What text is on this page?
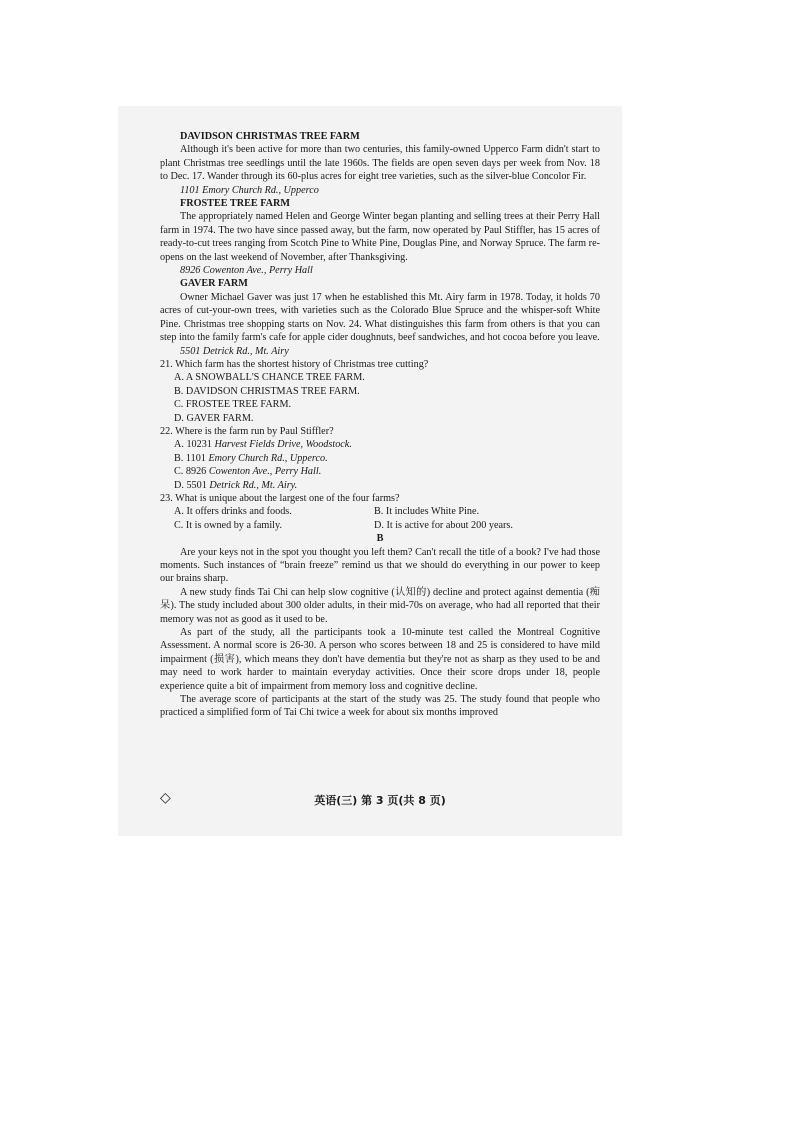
DAVIDSON CHRISTMAS TREE FARM
Although it's been active for more than two centuries, this family-owned Upperco Farm didn't start to plant Christmas tree seedlings until the late 1960s. The fields are open seven days per week from Nov. 18 to Dec. 17. Wander through its 60-plus acres for eight tree varieties, such as the silver-blue Concolor Fir.
1101 Emory Church Rd., Upperco
FROSTEE TREE FARM
The appropriately named Helen and George Winter began planting and selling trees at their Perry Hall farm in 1974. The two have since passed away, but the farm, now operated by Paul Stiffler, has 15 acres of ready-to-cut trees ranging from Scotch Pine to White Pine, Douglas Pine, and Norway Spruce. The farm re-opens on the last weekend of November, after Thanksgiving.
8926 Cowenton Ave., Perry Hall
GAVER FARM
Owner Michael Gaver was just 17 when he established this Mt. Airy farm in 1978. Today, it holds 70 acres of cut-your-own trees, with varieties such as the Colorado Blue Spruce and the whisper-soft White Pine. Christmas tree shopping starts on Nov. 24. What distinguishes this farm from others is that you can step into the family farm's cafe for apple cider doughnuts, beef sandwiches, and hot cocoa before you leave.
5501 Detrick Rd., Mt. Airy
21. Which farm has the shortest history of Christmas tree cutting?
A. A SNOWBALL'S CHANCE TREE FARM.
B. DAVIDSON CHRISTMAS TREE FARM.
C. FROSTEE TREE FARM.
D. GAVER FARM.
22. Where is the farm run by Paul Stiffler?
A. 10231 Harvest Fields Drive, Woodstock.
B. 1101 Emory Church Rd., Upperco.
C. 8926 Cowenton Ave., Perry Hall.
D. 5501 Detrick Rd., Mt. Airy.
23. What is unique about the largest one of the four farms?
A. It offers drinks and foods.	B. It includes White Pine.
C. It is owned by a family.	D. It is active for about 200 years.
B
Are your keys not in the spot you thought you left them? Can't recall the title of a book? I've had those moments. Such instances of “brain freeze” remind us that we should do everything in our power to keep our brains sharp.
A new study finds Tai Chi can help slow cognitive (认知的) decline and protect against dementia (痴呆). The study included about 300 older adults, in their mid-70s on average, who had all reported that their memory was not as good as it used to be.
As part of the study, all the participants took a 10-minute test called the Montreal Cognitive Assessment. A normal score is 26-30. A person who scores between 18 and 25 is considered to have mild impairment (损害), which means they don't have dementia but they're not as sharp as they used to be and may need to work harder to maintain everyday activities. Once their score drops under 18, people experience quite a bit of impairment from memory loss and cognitive decline.
The average score of participants at the start of the study was 25. The study found that people who practiced a simplified form of Tai Chi twice a week for about six months improved
◇	英语(三) 第 3 页(共 8 页)
